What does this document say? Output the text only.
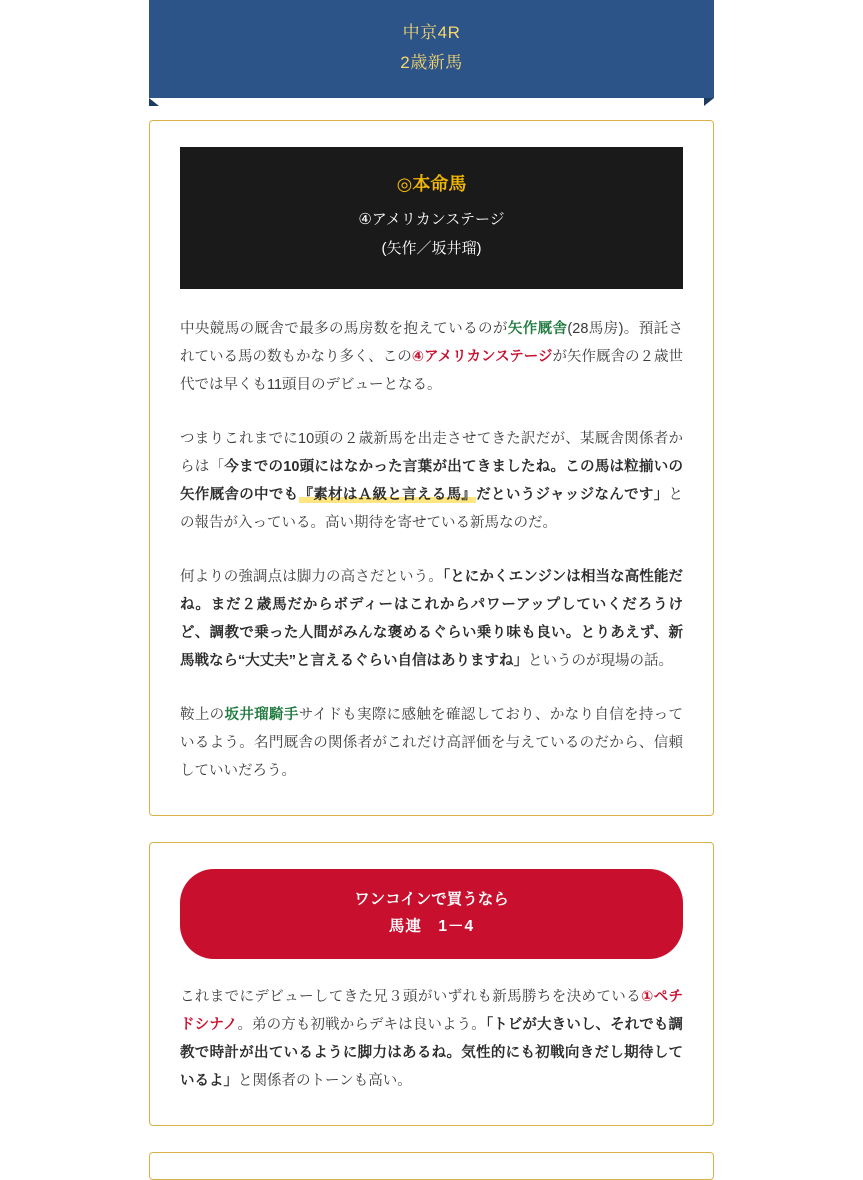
中京4R
2歳新馬
◎本命馬
④アメリカンステージ
(矢作／坂井瑠)

中央競馬の厩舎で最多の馬房数を抱えているのが矢作厩舎(28馬房)。預託されている馬の数もかなり多く、この④アメリカンステージが矢作厩舎の２歳世代では早くも11頭目のデビューとなる。

つまりこれまでに10頭の２歳新馬を出走させてきた訳だが、某厩舎関係者からは「今までの10頭にはなかった言葉が出てきましたね。この馬は粒揃いの矢作厩舎の中でも『素材はＡ級と言える馬』だというジャッジなんです」との報告が入っている。高い期待を寄せている新馬なのだ。

何よりの強調点は脚力の高さだという。「とにかくエンジンは相当な高性能だね。まだ２歳馬だからボディーはこれからパワーアップしていくだろうけど、調教で乗った人間がみんな褒めるぐらい乗り味も良い。とりあえず、新馬戦なら“大丈夫”と言えるぐらい自信はありますね」というのが現場の話。

鞍上の坂井瑠騎手サイドも実際に感触を確認しており、かなり自信を持っているよう。名門厩舎の関係者がこれだけ高評価を与えているのだから、信頼していいだろう。

ワンコインで買うなら
馬連　1－4

これまでにデビューしてきた兄３頭がいずれも新馬勝ちを決めている①ペチドシナノ。弟の方も初戦からデキは良いよう。「トビが大きいし、それでも調教で時計が出ているように脚力はあるね。気性的にも初戦向きだし期待しているよ」と関係者のトーンも高い。
